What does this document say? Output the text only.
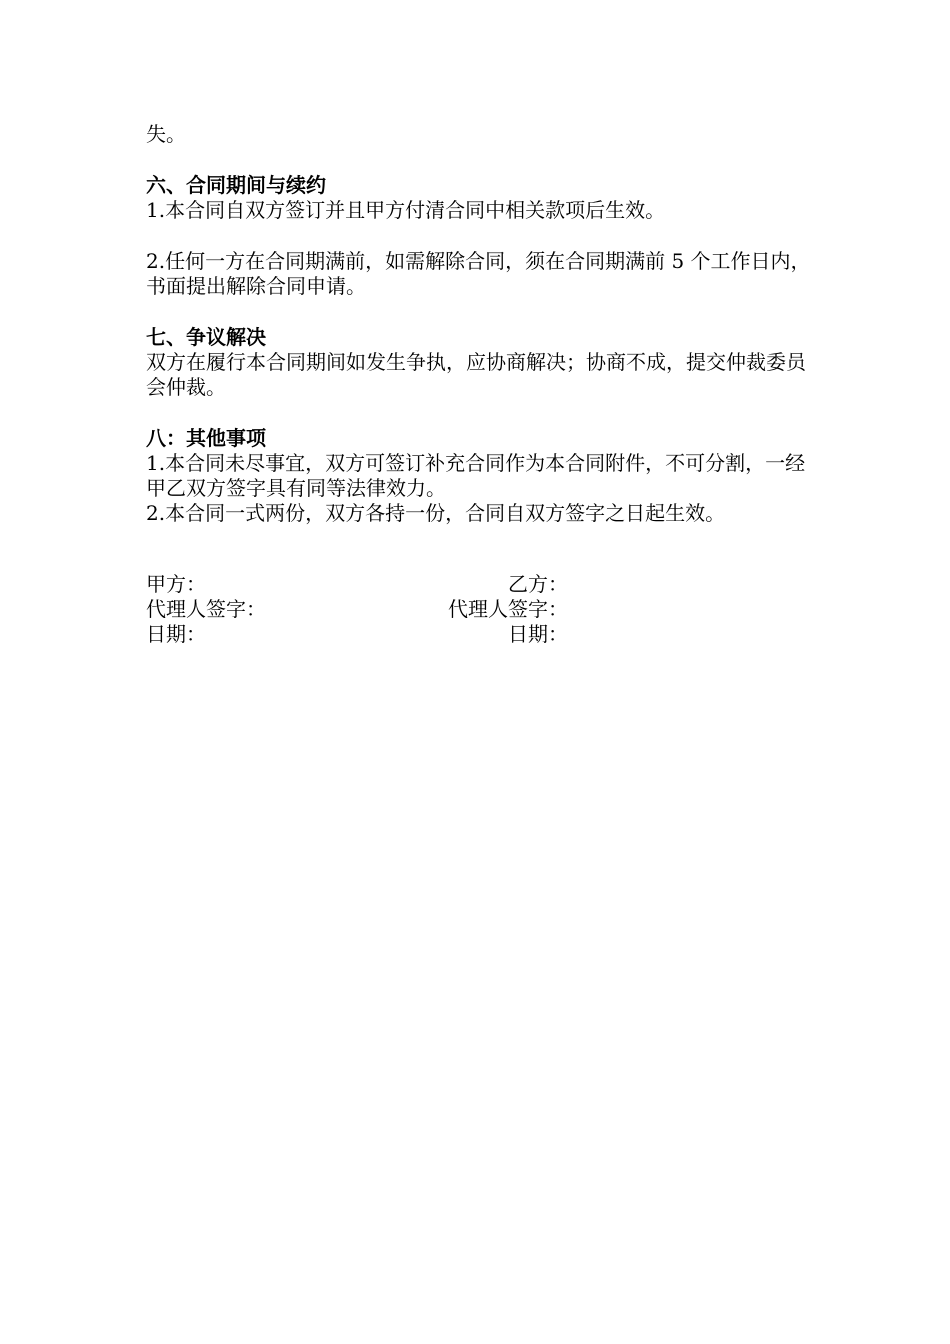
失。
六、合同期间与续约
1.本合同自双方签订并且甲方付清合同中相关款项后生效。
2.任何一方在合同期满前，如需解除合同，须在合同期满前 5 个工作日内，书面提出解除合同申请。
七、争议解决
双方在履行本合同期间如发生争执，应协商解决；协商不成，提交仲裁委员会仲裁。
八：其他事项
1.本合同未尽事宜，双方可签订补充合同作为本合同附件，不可分割，一经甲乙双方签字具有同等法律效力。
2.本合同一式两份，双方各持一份，合同自双方签字之日起生效。
甲方：	乙方：
代理人签字：	代理人签字：
日期：	日期：
